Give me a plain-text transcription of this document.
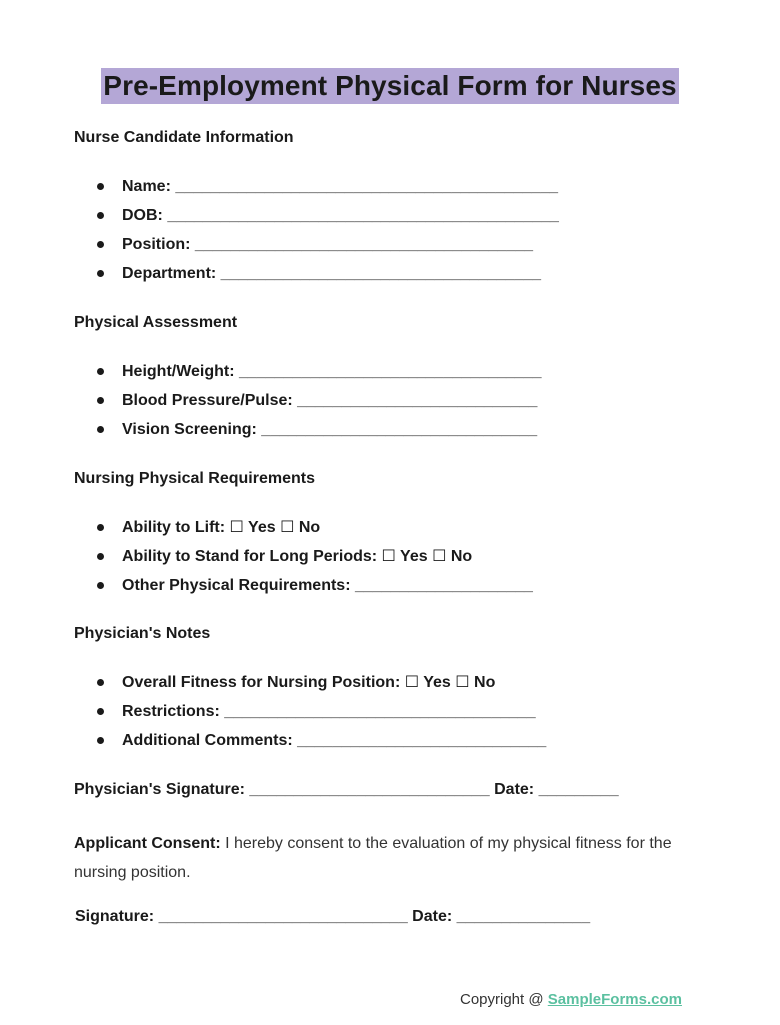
Pre-Employment Physical Form for Nurses
Nurse Candidate Information
Name: ___________________________________________
DOB: ____________________________________________
Position: ______________________________________
Department: ____________________________________
Physical Assessment
Height/Weight: __________________________________
Blood Pressure/Pulse: ___________________________
Vision Screening: _______________________________
Nursing Physical Requirements
Ability to Lift: ☐ Yes ☐ No
Ability to Stand for Long Periods: ☐ Yes ☐ No
Other Physical Requirements: ____________________
Physician's Notes
Overall Fitness for Nursing Position: ☐ Yes ☐ No
Restrictions: ___________________________________
Additional Comments: ____________________________
Physician's Signature: ___________________________ Date: _________
Applicant Consent: I hereby consent to the evaluation of my physical fitness for the nursing position.
Signature: ____________________________ Date: _______________
Copyright @ SampleForms.com
